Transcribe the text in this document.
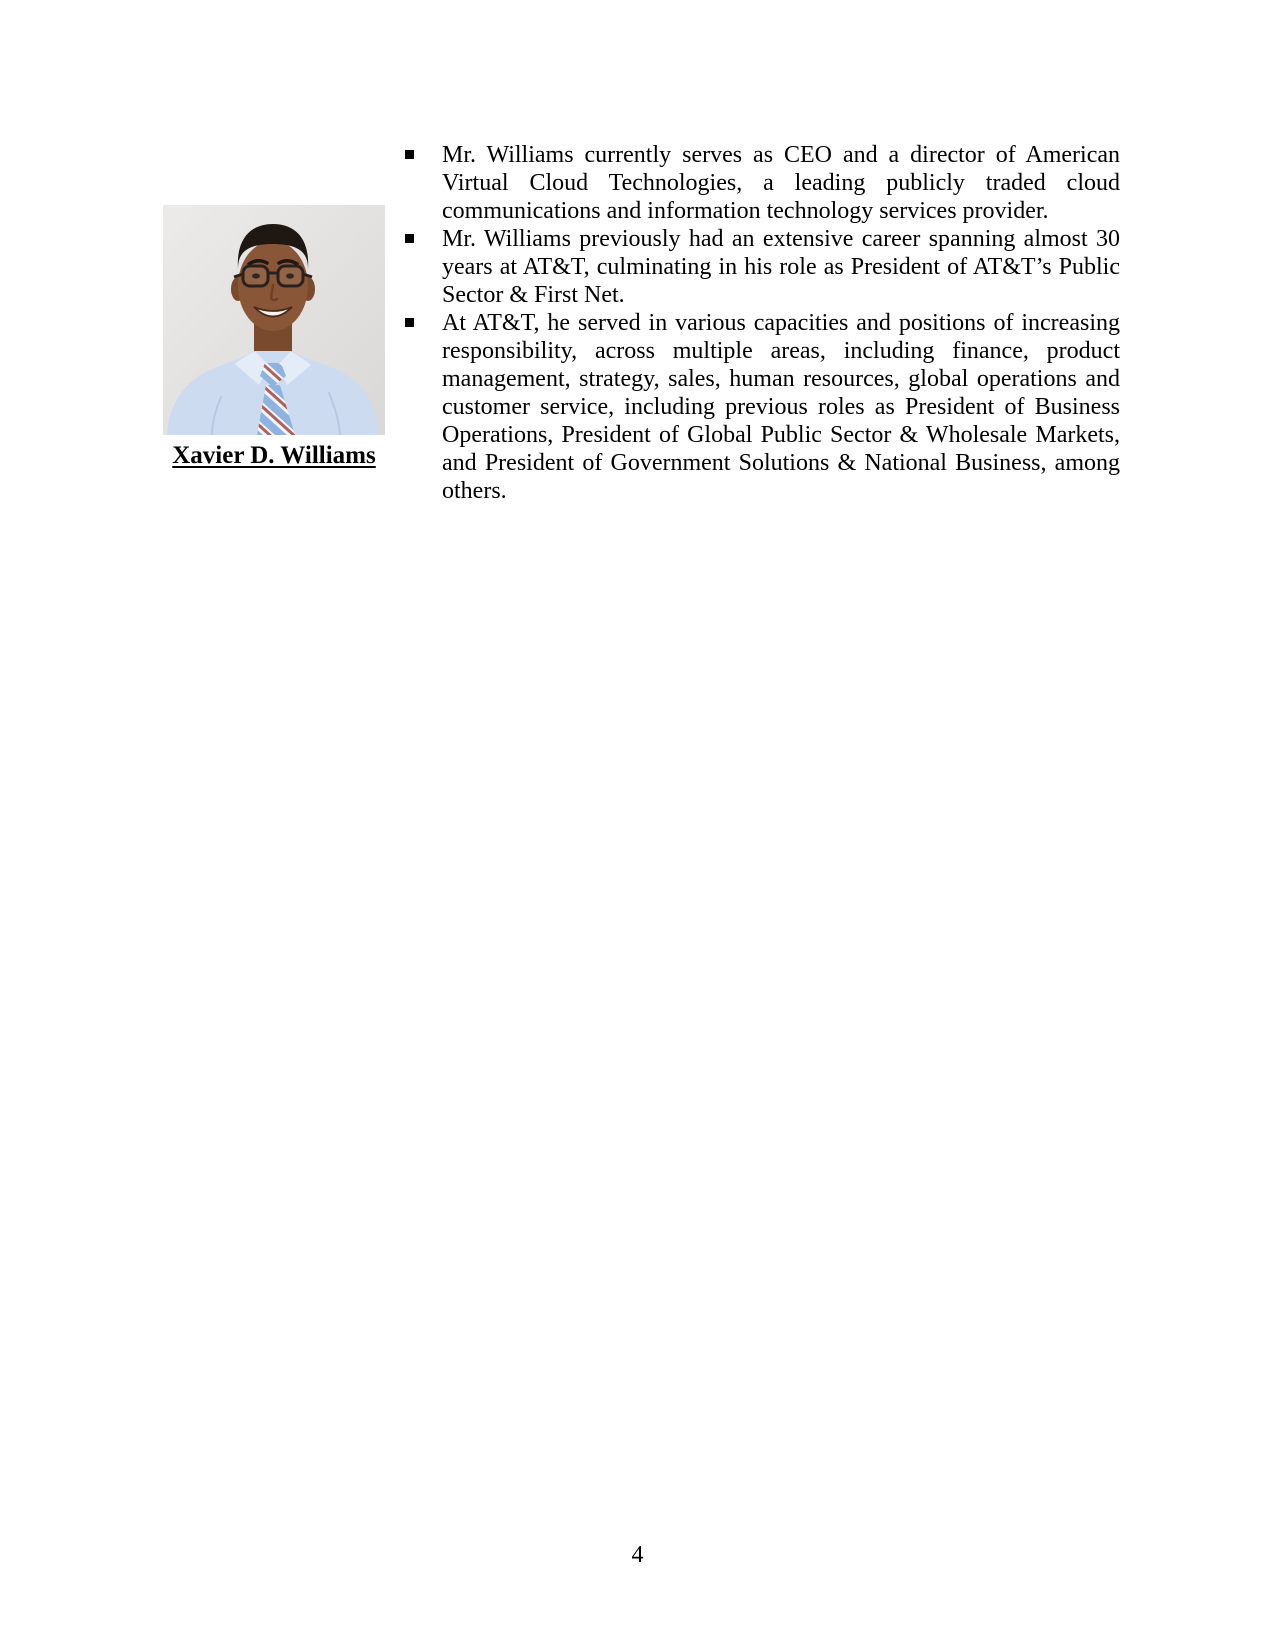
Xavier D. Williams
Mr. Williams currently serves as CEO and a director of American Virtual Cloud Technologies, a leading publicly traded cloud communications and information technology services provider.
Mr. Williams previously had an extensive career spanning almost 30 years at AT&T, culminating in his role as President of AT&T’s Public Sector & First Net.
At AT&T, he served in various capacities and positions of increasing responsibility, across multiple areas, including finance, product management, strategy, sales, human resources, global operations and customer service, including previous roles as President of Business Operations, President of Global Public Sector & Wholesale Markets, and President of Government Solutions & National Business, among others.
4
